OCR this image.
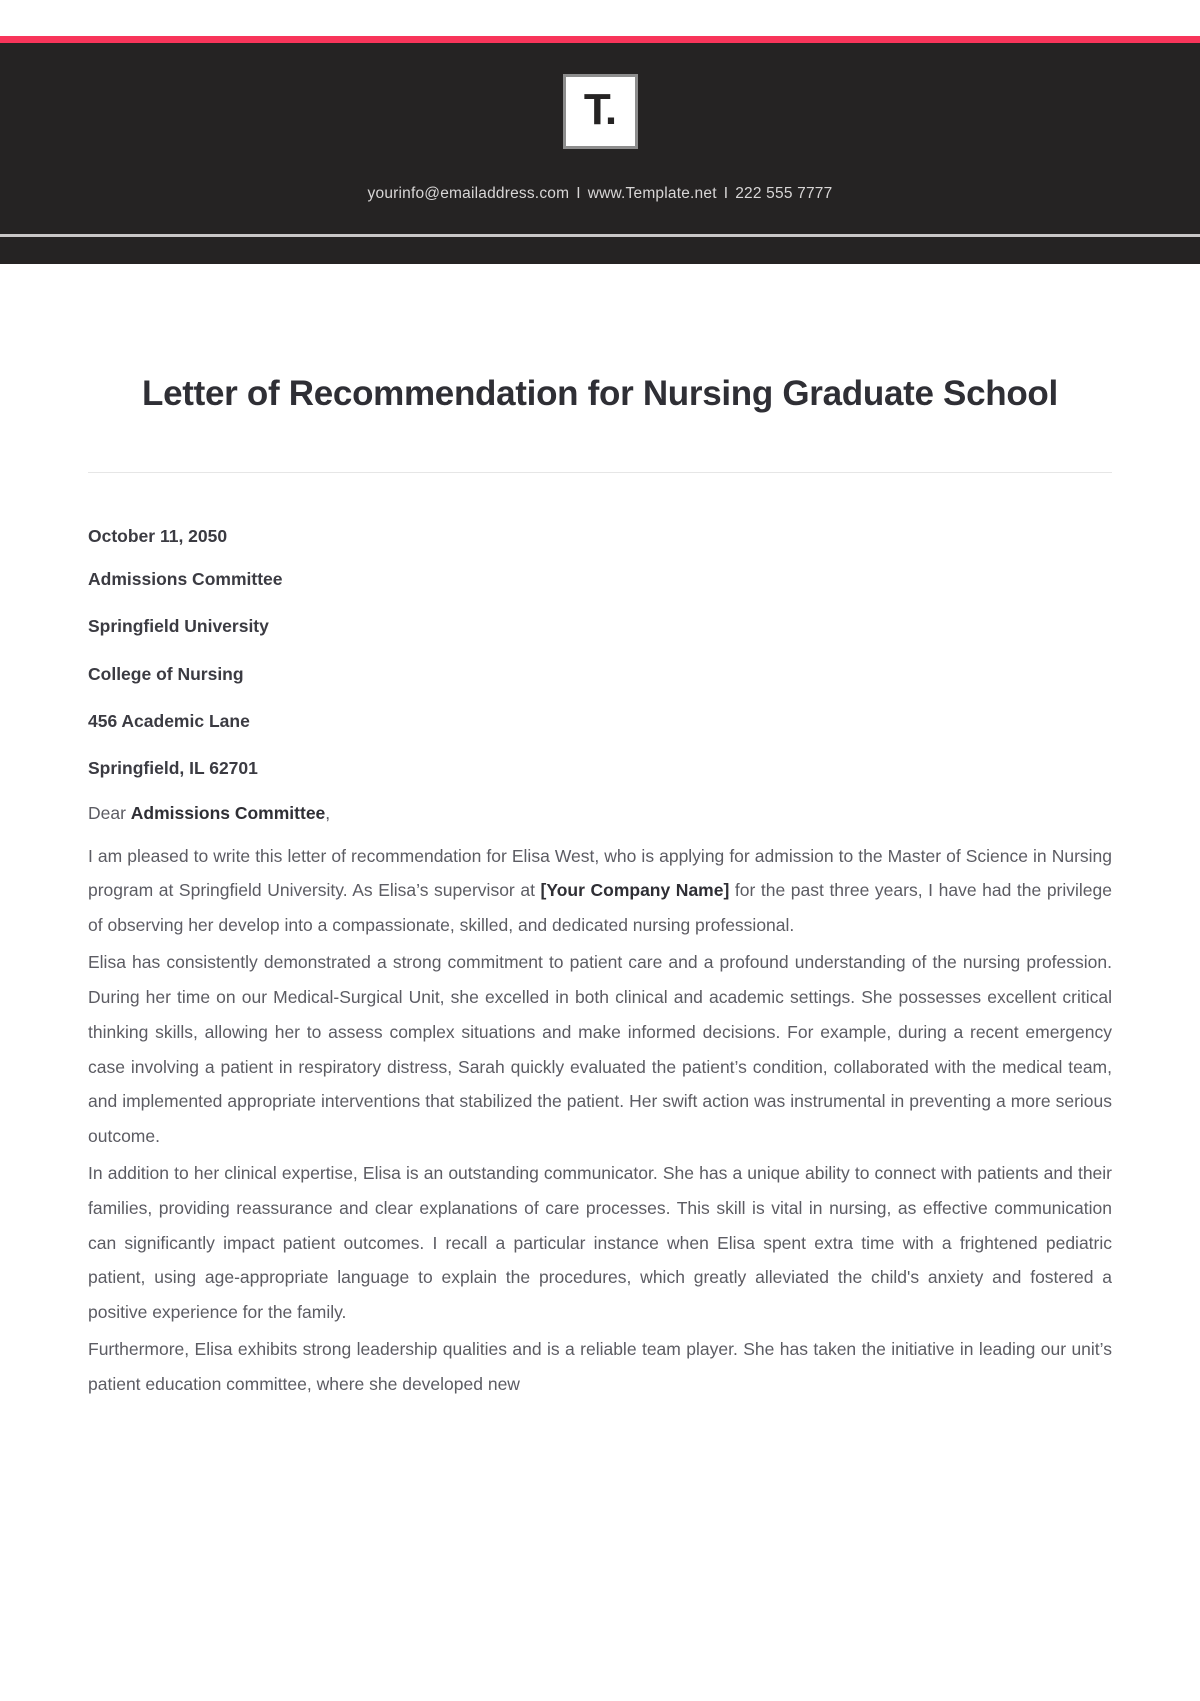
T.
yourinfo@emailaddress.com I www.Template.net I 222 555 7777
Letter of Recommendation for Nursing Graduate School

October 11, 2050

Admissions Committee

Springfield University

College of Nursing

456 Academic Lane

Springfield, IL 62701

Dear Admissions Committee,

I am pleased to write this letter of recommendation for Elisa West, who is applying for admission to the Master of Science in Nursing program at Springfield University. As Elisa’s supervisor at [Your Company Name] for the past three years, I have had the privilege of observing her develop into a compassionate, skilled, and dedicated nursing professional.

Elisa has consistently demonstrated a strong commitment to patient care and a profound understanding of the nursing profession. During her time on our Medical-Surgical Unit, she excelled in both clinical and academic settings. She possesses excellent critical thinking skills, allowing her to assess complex situations and make informed decisions. For example, during a recent emergency case involving a patient in respiratory distress, Sarah quickly evaluated the patient’s condition, collaborated with the medical team, and implemented appropriate interventions that stabilized the patient. Her swift action was instrumental in preventing a more serious outcome.

In addition to her clinical expertise, Elisa is an outstanding communicator. She has a unique ability to connect with patients and their families, providing reassurance and clear explanations of care processes. This skill is vital in nursing, as effective communication can significantly impact patient outcomes. I recall a particular instance when Elisa spent extra time with a frightened pediatric patient, using age-appropriate language to explain the procedures, which greatly alleviated the child's anxiety and fostered a positive experience for the family.

Furthermore, Elisa exhibits strong leadership qualities and is a reliable team player. She has taken the initiative in leading our unit’s patient education committee, where she developed new
